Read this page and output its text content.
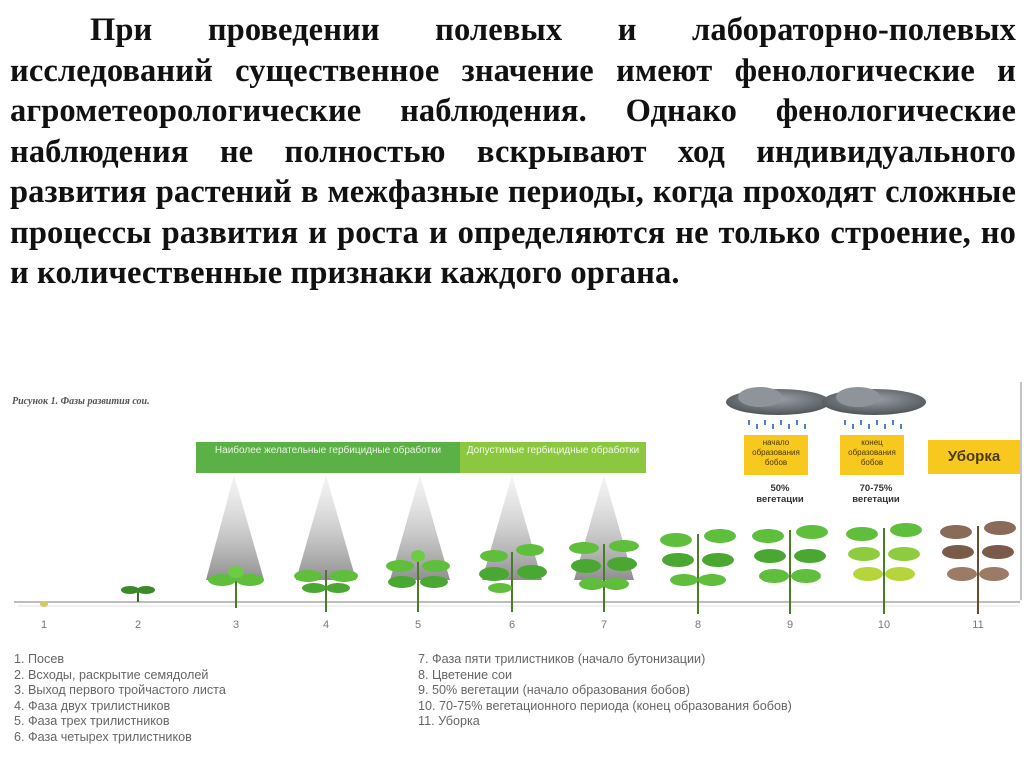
При проведении полевых и лабораторно-полевых исследований существенное значение имеют фенологические и агрометеорологические наблюдения. Однако фенологические наблюдения не полностью вскрывают ход индивидуального развития растений в межфазные периоды, когда проходят сложные процессы развития и роста и определяются не только строение, но и количественные признаки каждого органа.

Рисунок 1. Фазы развития сои.
Наиболее желательные гербицидные обработки	Допустимые гербицидные обработки
начало образования бобов
конец образования бобов	Уборка
50% вегетации
70-75% вегетации
1	2	3	4	5	6	7	8	9	10	11
1. Посев
2. Всходы, раскрытие семядолей
3. Выход первого тройчастого листа
4. Фаза двух трилистников
5. Фаза трех трилистников
6. Фаза четырех трилистников
7. Фаза пяти трилистников (начало бутонизации)
8. Цветение сои
9. 50% вегетации (начало образования бобов)
10. 70-75% вегетационного периода (конец образования бобов)
11. Уборка
